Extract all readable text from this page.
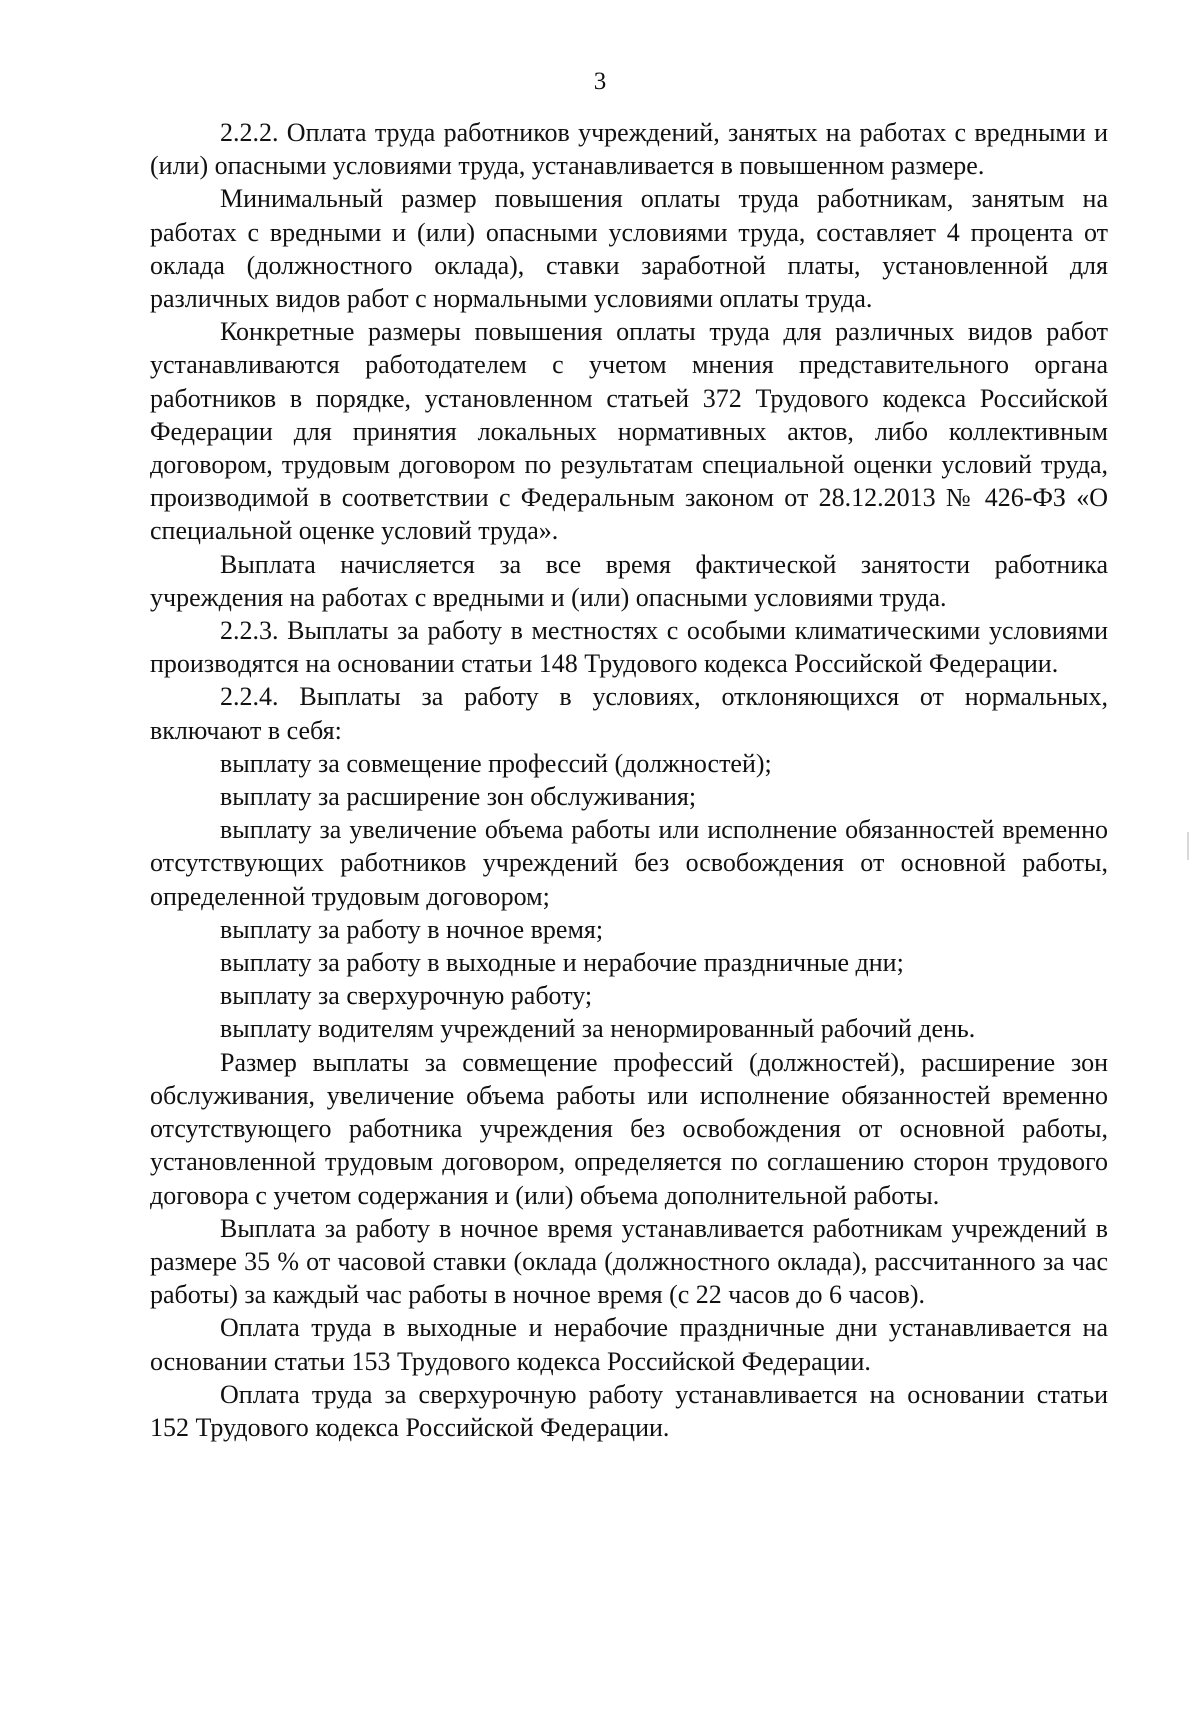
3

2.2.2. Оплата труда работников учреждений, занятых на работах с вредными и (или) опасными условиями труда, устанавливается в повышенном размере.

Минимальный размер повышения оплаты труда работникам, занятым на работах с вредными и (или) опасными условиями труда, составляет 4 процента от оклада (должностного оклада), ставки заработной платы, установленной для различных видов работ с нормальными условиями оплаты труда.

Конкретные размеры повышения оплаты труда для различных видов работ устанавливаются работодателем с учетом мнения представительного органа работников в порядке, установленном статьей 372 Трудового кодекса Российской Федерации для принятия локальных нормативных актов, либо коллективным договором, трудовым договором по результатам специальной оценки условий труда, производимой в соответствии с Федеральным законом от 28.12.2013 № 426-ФЗ «О специальной оценке условий труда».

Выплата начисляется за все время фактической занятости работника учреждения на работах с вредными и (или) опасными условиями труда.

2.2.3. Выплаты за работу в местностях с особыми климатическими условиями производятся на основании статьи 148 Трудового кодекса Российской Федерации.

2.2.4. Выплаты за работу в условиях, отклоняющихся от нормальных, включают в себя:

выплату за совмещение профессий (должностей);

выплату за расширение зон обслуживания;

выплату за увеличение объема работы или исполнение обязанностей временно отсутствующих работников учреждений без освобождения от основной работы, определенной трудовым договором;

выплату за работу в ночное время;

выплату за работу в выходные и нерабочие праздничные дни;

выплату за сверхурочную работу;

выплату водителям учреждений за ненормированный рабочий день.

Размер выплаты за совмещение профессий (должностей), расширение зон обслуживания, увеличение объема работы или исполнение обязанностей временно отсутствующего работника учреждения без освобождения от основной работы, установленной трудовым договором, определяется по соглашению сторон трудового договора с учетом содержания и (или) объема дополнительной работы.

Выплата за работу в ночное время устанавливается работникам учреждений в размере 35 % от часовой ставки (оклада (должностного оклада), рассчитанного за час работы) за каждый час работы в ночное время (с 22 часов до 6 часов).

Оплата труда в выходные и нерабочие праздничные дни устанавливается на основании статьи 153 Трудового кодекса Российской Федерации.

Оплата труда за сверхурочную работу устанавливается на основании статьи 152 Трудового кодекса Российской Федерации.
